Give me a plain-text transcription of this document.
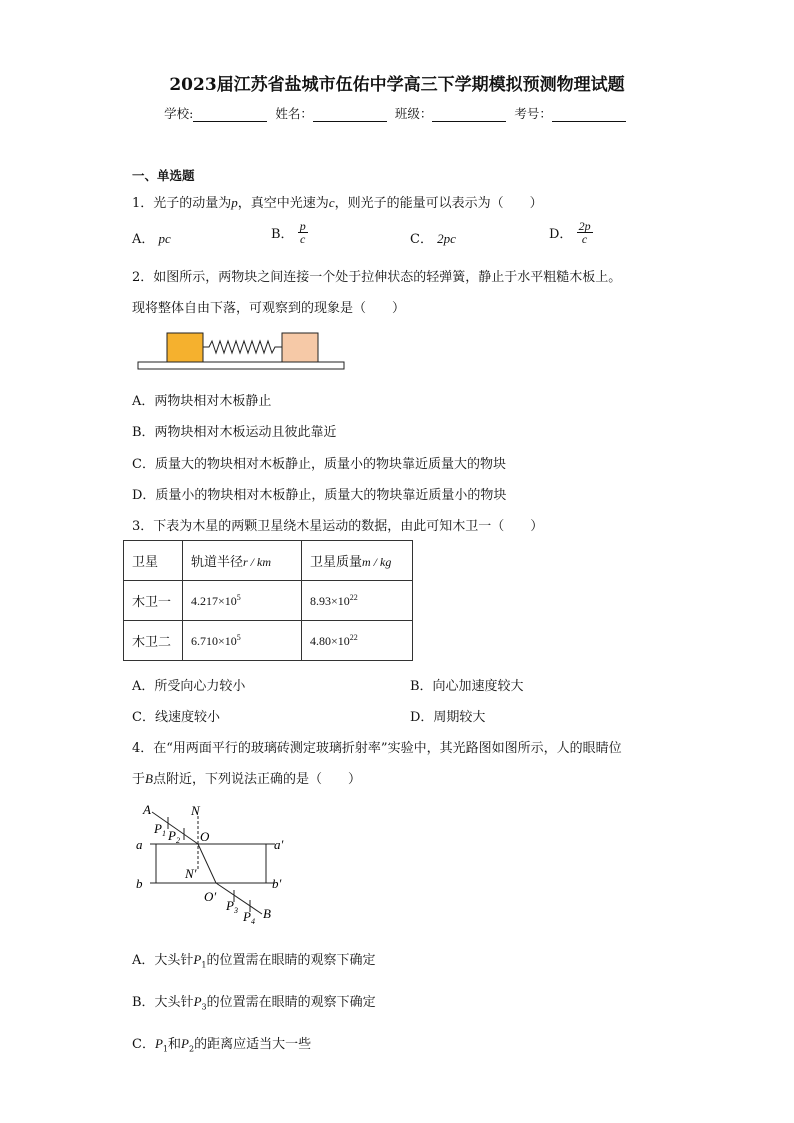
2023届江苏省盐城市伍佑中学高三下学期模拟预测物理试题
学校:	姓名：	班级：	考号：
一、单选题
1．光子的动量为p，真空中光速为c，则光子的能量可以表示为（　　）
A． pc	B． $\frac{p}{c}$	C． 2pc	D． $\frac{2p}{c}$
2．如图所示，两物块之间连接一个处于拉伸状态的轻弹簧，静止于水平粗糙木板上。
现将整体自由下落，可观察到的现象是（　　）
A．两物块相对木板静止
B．两物块相对木板运动且彼此靠近
C．质量大的物块相对木板静止，质量小的物块靠近质量大的物块
D．质量小的物块相对木板静止，质量大的物块靠近质量小的物块
3．下表为木星的两颗卫星绕木星运动的数据，由此可知木卫一（　　）
卫星	轨道半径r / km	卫星质量m / kg
木卫一	$4.217\times 10^5$	$8.93\times 10^{22}$
木卫二	$6.710\times 10^5$	$4.80\times 10^{22}$
A．所受向心力较小	B．向心加速度较大
C．线速度较小	D．周期较大
4．在“用两面平行的玻璃砖测定玻璃折射率”实验中，其光路图如图所示，人的眼睛位
于B点附近，下列说法正确的是（　　）
A	N
$P_1$ $P_2$ O
a	a′
N′
b	b′
O′
$P_3$ $P_4$
B
A．大头针$P_1$的位置需在眼睛的观察下确定
B．大头针$P_3$的位置需在眼睛的观察下确定
C．$P_1$和$P_2$的距离应适当大一些
